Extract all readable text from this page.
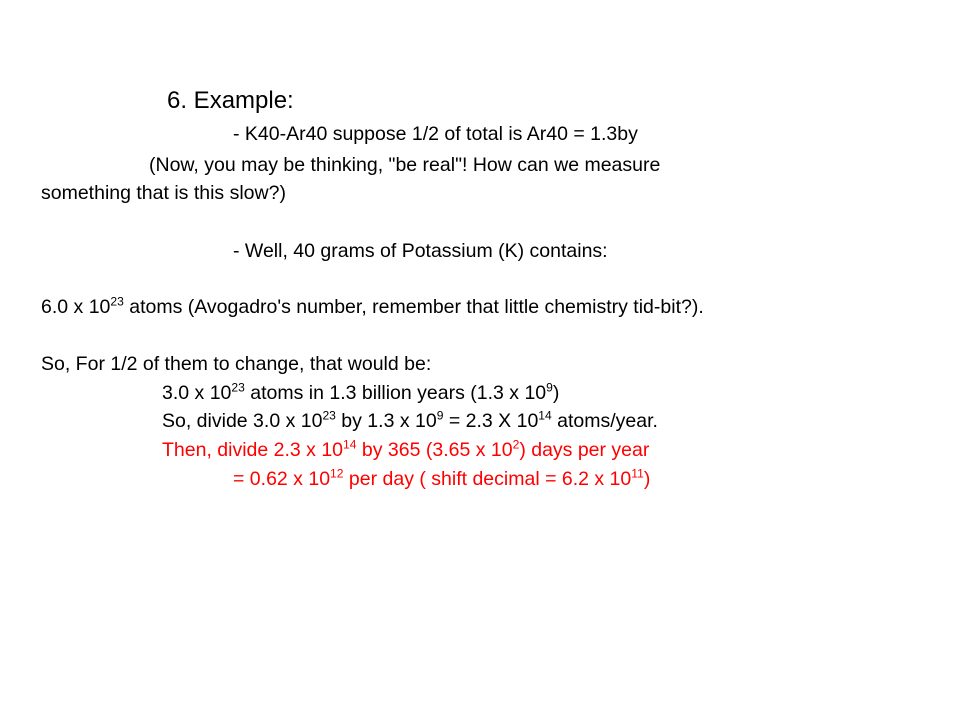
6. Example:
- K40-Ar40 suppose 1/2 of total is Ar40 = 1.3by
(Now, you may be thinking, "be real"! How can we measure
something that is this slow?)
- Well, 40 grams of Potassium (K) contains:
6.0 x $10^{23}$ atoms (Avogadro's number, remember that little chemistry tid-bit?).
So, For 1/2 of them to change, that would be:
3.0 x $10^{23}$ atoms in 1.3 billion years (1.3 x $10^9$)
So, divide 3.0 x $10^{23}$ by 1.3 x $10^9 = 2.3$ X $10^{14}$ atoms/year.
Then, divide 2.3 x $10^{14}$ by 365 (3.65 x $10^2$) days per year
= 0.62 x $10^{12}$ per day ( shift decimal = 6.2 x $10^{11}$)
